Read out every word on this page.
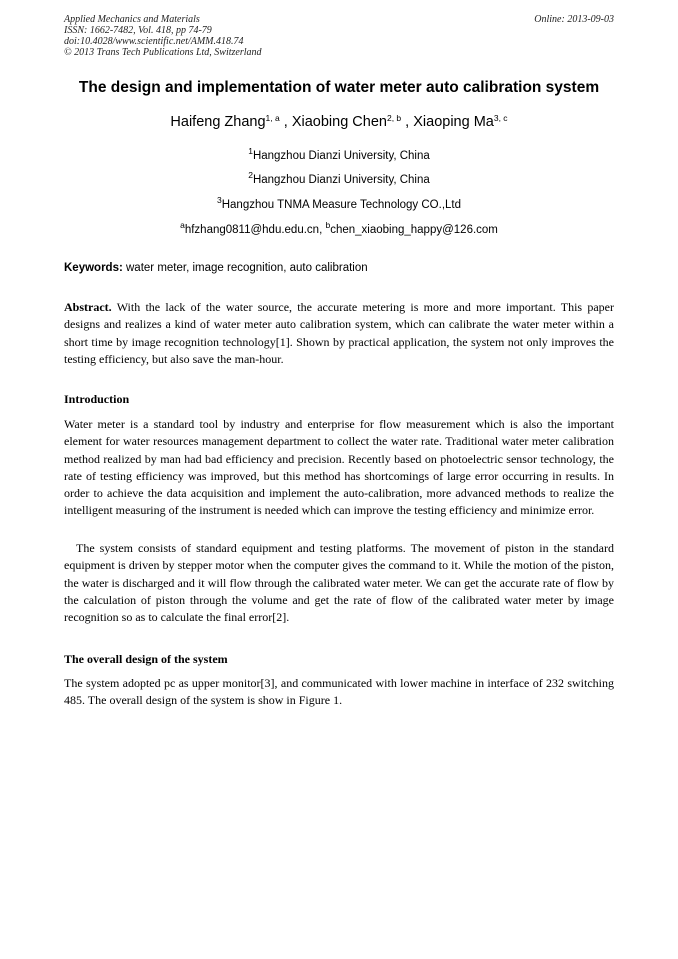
Applied Mechanics and Materials
ISSN: 1662-7482, Vol. 418, pp 74-79
doi:10.4028/www.scientific.net/AMM.418.74
© 2013 Trans Tech Publications Ltd, Switzerland
Online: 2013-09-03
The design and implementation of water meter auto calibration system
Haifeng Zhang$^{1, a}$ , Xiaobing Chen$^{2, b}$ , Xiaoping Ma$^{3, c}$
$^1$Hangzhou Dianzi University, China
$^2$Hangzhou Dianzi University, China
$^3$Hangzhou TNMA Measure Technology CO.,Ltd
$^a$hfzhang0811@hdu.edu.cn, $^b$chen_xiaobing_happy@126.com
Keywords: water meter, image recognition, auto calibration

Abstract. With the lack of the water source, the accurate metering is more and more important. This paper designs and realizes a kind of water meter auto calibration system, which can calibrate the water meter within a short time by image recognition technology[1]. Shown by practical application, the system not only improves the testing efficiency, but also save the man-hour.

Introduction

Water meter is a standard tool by industry and enterprise for flow measurement which is also the important element for water resources management department to collect the water rate. Traditional water meter calibration method realized by man had bad efficiency and precision. Recently based on photoelectric sensor technology, the rate of testing efficiency was improved, but this method has shortcomings of large error occurring in results. In order to achieve the data acquisition and implement the auto-calibration, more advanced methods to realize the intelligent measuring of the instrument is needed which can improve the testing efficiency and minimize error.

The system consists of standard equipment and testing platforms. The movement of piston in the standard equipment is driven by stepper motor when the computer gives the command to it. While the motion of the piston, the water is discharged and it will flow through the calibrated water meter. We can get the accurate rate of flow by the calculation of piston through the volume and get the rate of flow of the calibrated water meter by image recognition so as to calculate the final error[2].

The overall design of the system

The system adopted pc as upper monitor[3], and communicated with lower machine in interface of 232 switching 485. The overall design of the system is show in Figure 1.
